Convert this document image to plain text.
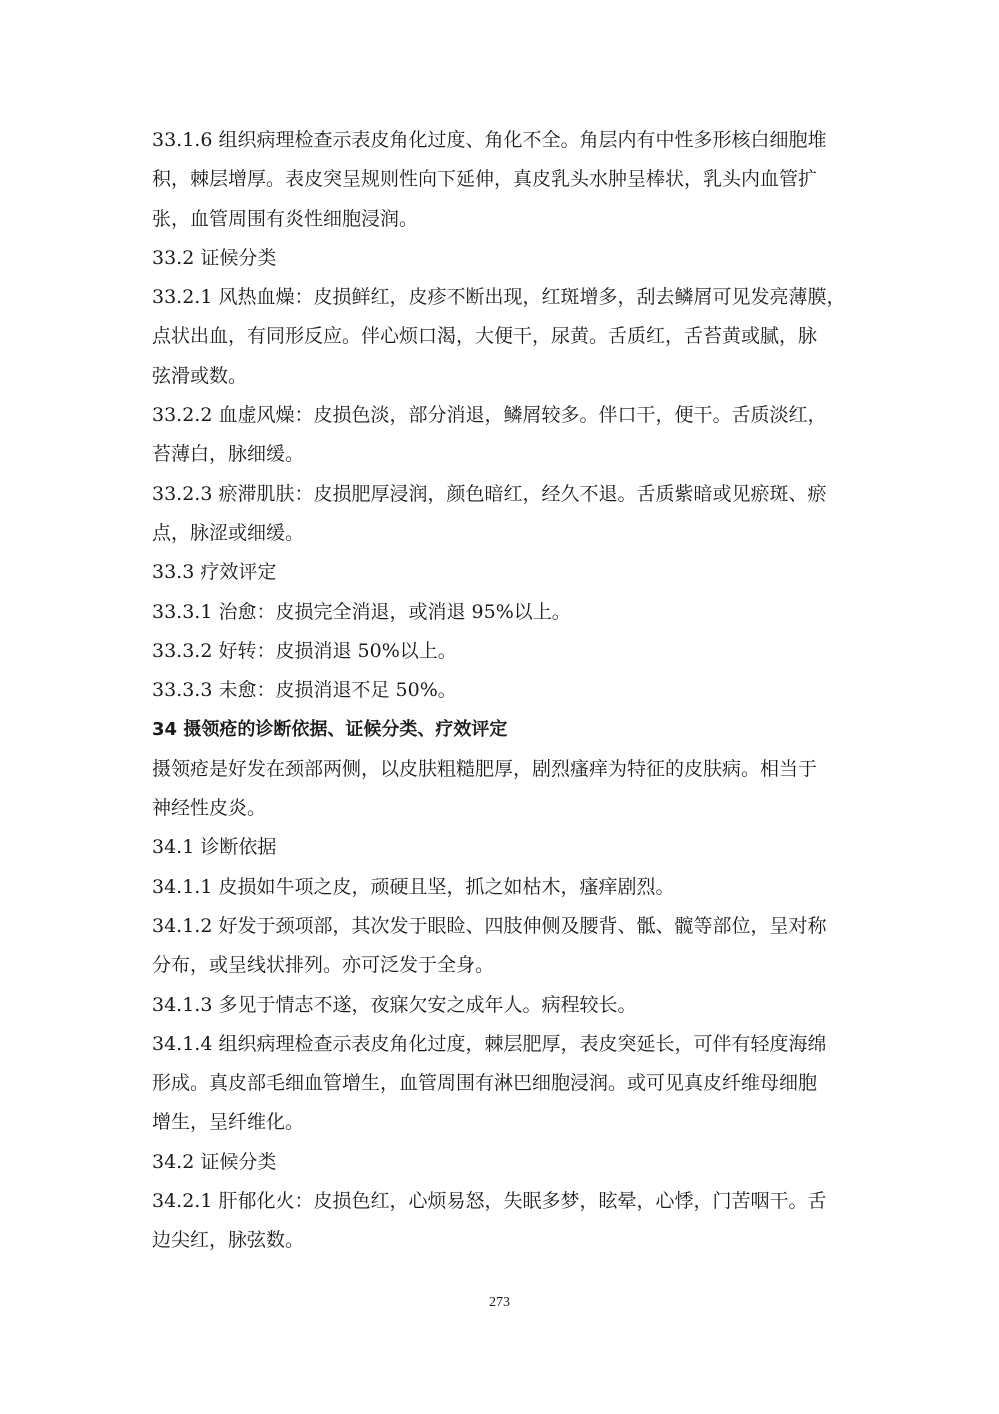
33.1.6 组织病理检查示表皮角化过度、角化不全。角层内有中性多形核白细胞堆
积，棘层增厚。表皮突呈规则性向下延伸，真皮乳头水肿呈棒状，乳头内血管扩
张，血管周围有炎性细胞浸润。
33.2 证候分类
33.2.1 风热血燥：皮损鲜红，皮疹不断出现，红斑增多，刮去鳞屑可见发亮薄膜，
点状出血，有同形反应。伴心烦口渴，大便干，尿黄。舌质红，舌苔黄或腻，脉
弦滑或数。
33.2.2 血虚风燥：皮损色淡，部分消退，鳞屑较多。伴口干，便干。舌质淡红，
苔薄白，脉细缓。
33.2.3 瘀滞肌肤：皮损肥厚浸润，颜色暗红，经久不退。舌质紫暗或见瘀斑、瘀
点，脉涩或细缓。
33.3 疗效评定
33.3.1 治愈：皮损完全消退，或消退 95%以上。
33.3.2 好转：皮损消退 50%以上。
33.3.3 未愈：皮损消退不足 50%。
34 摄领疮的诊断依据、证候分类、疗效评定
摄领疮是好发在颈部两侧，以皮肤粗糙肥厚，剧烈瘙痒为特征的皮肤病。相当于
神经性皮炎。
34.1 诊断依据
34.1.1 皮损如牛项之皮，顽硬且坚，抓之如枯木，瘙痒剧烈。
34.1.2 好发于颈项部，其次发于眼睑、四肢伸侧及腰背、骶、髋等部位，呈对称
分布，或呈线状排列。亦可泛发于全身。
34.1.3 多见于情志不遂，夜寐欠安之成年人。病程较长。
34.1.4 组织病理检查示表皮角化过度，棘层肥厚，表皮突延长，可伴有轻度海绵
形成。真皮部毛细血管增生，血管周围有淋巴细胞浸润。或可见真皮纤维母细胞
增生，呈纤维化。
34.2 证候分类
34.2.1 肝郁化火：皮损色红，心烦易怒，失眠多梦，眩晕，心悸，门苦咽干。舌
边尖红，脉弦数。
273
